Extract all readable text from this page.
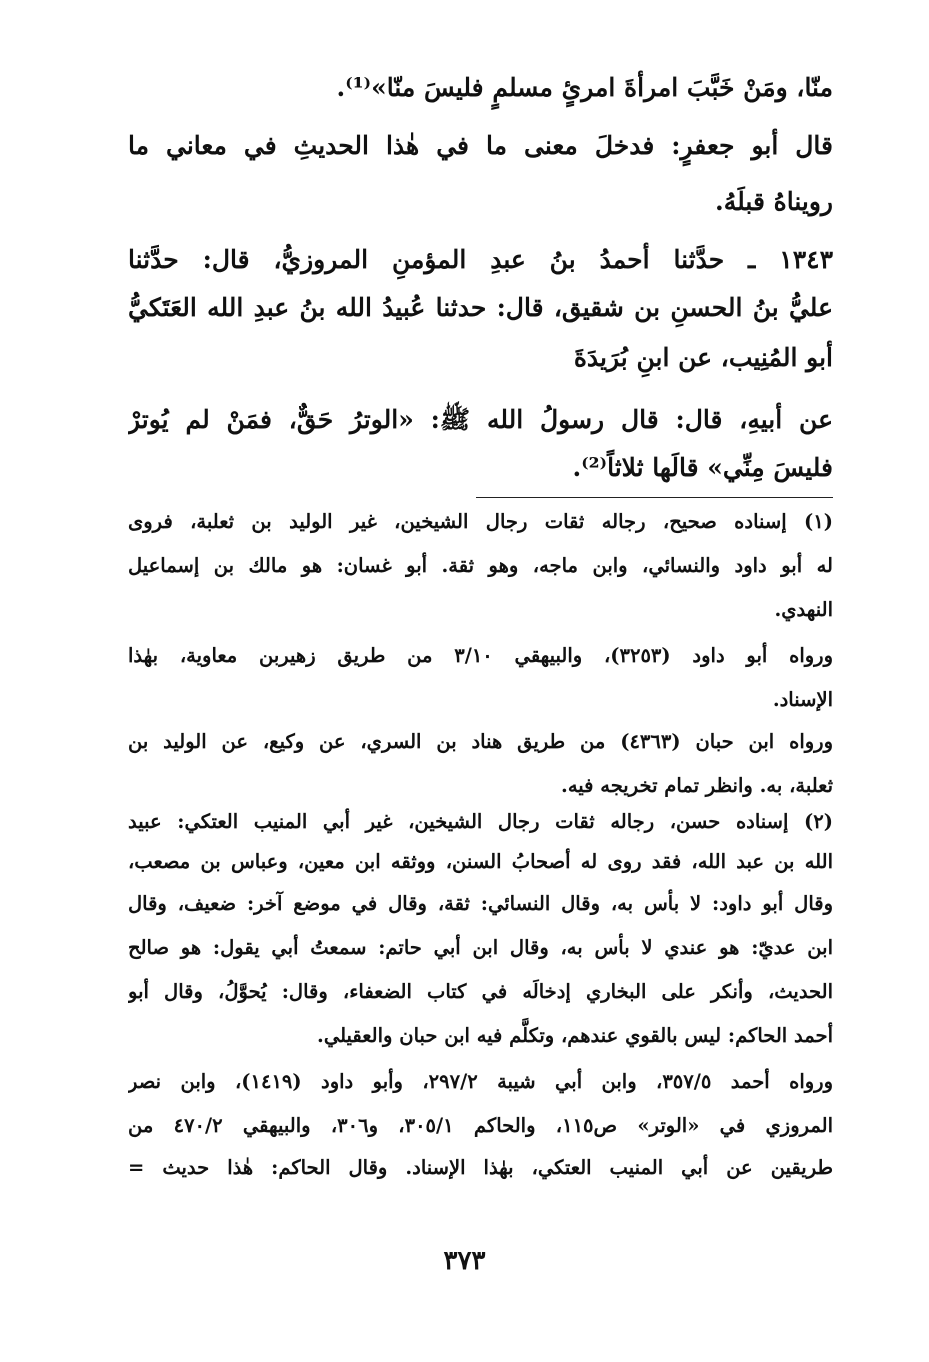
منّا، ومَنْ خَبَّبَ امرأةَ امرئٍ مسلمٍ فليسَ منّا»⁽¹⁾.
قال أبو جعفرٍ: فدخلَ معنى ما في هٰذا الحديثِ في معاني ما
رويناهُ قبلَهُ.
١٣٤٣ ـ حدَّثنا أحمدُ بنُ عبدِ المؤمنِ المروزيُّ، قال: حدَّثنا
عليُّ بنُ الحسنِ بن شقيق، قال: حدثنا عُبيدُ الله بنُ عبدِ الله العَتَكيُّ
أبو المُنِيب، عن ابنِ بُرَيدَةَ
عن أبيهِ، قال: قال رسولُ الله ﷺ: «الوترُ حَقٌّ، فمَنْ لم يُوترْ
فليسَ مِنِّي» قالَها ثلاثاً⁽²⁾.
(١) إسناده صحيح، رجاله ثقات رجال الشيخين، غير الوليد بن ثعلبة، فروى
له أبو داود والنسائي، وابن ماجه، وهو ثقة. أبو غسان: هو مالك بن إسماعيل
النهدي.
ورواه أبو داود (٣٢٥٣)، والبيهقي ٣/١٠ من طريق زهيربن معاوية، بهٰذا
الإسناد.
ورواه ابن حبان (٤٣٦٣) من طريق هناد بن السري، عن وكيع، عن الوليد بن
ثعلبة، به. وانظر تمام تخريجه فيه.
(٢) إسناده حسن، رجاله ثقات رجال الشيخين، غير أبي المنيب العتكي: عبيد
الله بن عبد الله، فقد روى له أصحابُ السنن، ووثقه ابن معين، وعباس بن مصعب،
وقال أبو داود: لا بأس به، وقال النسائي: ثقة، وقال في موضع آخر: ضعيف، وقال
ابن عديّ: هو عندي لا بأس به، وقال ابن أبي حاتم: سمعتُ أبي يقول: هو صالح
الحديث، وأنكر على البخاري إدخالَه في كتاب الضعفاء، وقال: يُحوَّلُ، وقال أبو
أحمد الحاكم: ليس بالقوي عندهم، وتكلَّم فيه ابن حبان والعقيلي.
ورواه أحمد ٣٥٧/٥، وابن أبي شيبة ٢٩٧/٢، وأبو داود (١٤١٩)، وابن نصر
المروزي في «الوتر» ص١١٥، والحاكم ٣٠٥/١، و٣٠٦، والبيهقي ٤٧٠/٢ من
طريقين عن أبي المنيب العتكي، بهٰذا الإسناد. وقال الحاكم: هٰذا حديث =
٣٧٣
